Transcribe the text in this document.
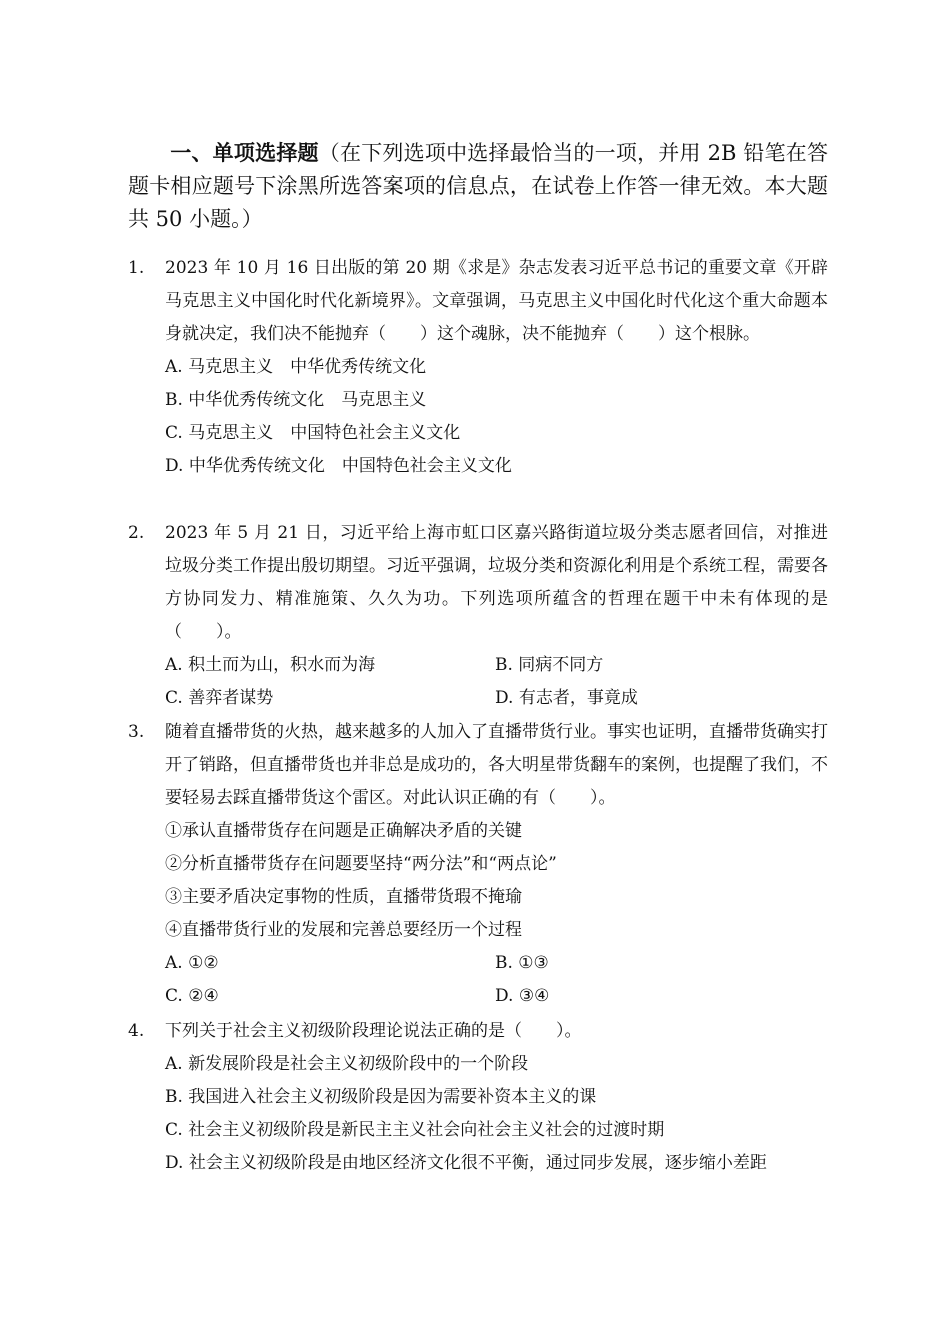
一、单项选择题（在下列选项中选择最恰当的一项，并用 2B 铅笔在答题卡相应题号下涂黑所选答案项的信息点，在试卷上作答一律无效。本大题共 50 小题。）
1.	2023 年 10 月 16 日出版的第 20 期《求是》杂志发表习近平总书记的重要文章《开辟马克思主义中国化时代化新境界》。文章强调，马克思主义中国化时代化这个重大命题本身就决定，我们决不能抛弃（　　）这个魂脉，决不能抛弃（　　）这个根脉。
A. 马克思主义　中华优秀传统文化
B. 中华优秀传统文化　马克思主义
C. 马克思主义　中国特色社会主义文化
D. 中华优秀传统文化　中国特色社会主义文化
2.	2023 年 5 月 21 日，习近平给上海市虹口区嘉兴路街道垃圾分类志愿者回信，对推进垃圾分类工作提出殷切期望。习近平强调，垃圾分类和资源化利用是个系统工程，需要各方协同发力、精准施策、久久为功。下列选项所蕴含的哲理在题干中未有体现的是（　　）。
A. 积土而为山，积水而为海	B. 同病不同方
C. 善弈者谋势	D. 有志者，事竟成
3.	随着直播带货的火热，越来越多的人加入了直播带货行业。事实也证明，直播带货确实打开了销路，但直播带货也并非总是成功的，各大明星带货翻车的案例，也提醒了我们，不要轻易去踩直播带货这个雷区。对此认识正确的有（　　）。
①承认直播带货存在问题是正确解决矛盾的关键
②分析直播带货存在问题要坚持“两分法”和“两点论”
③主要矛盾决定事物的性质，直播带货瑕不掩瑜
④直播带货行业的发展和完善总要经历一个过程
A. ①②	B. ①③
C. ②④	D. ③④
4.	下列关于社会主义初级阶段理论说法正确的是（　　）。
A. 新发展阶段是社会主义初级阶段中的一个阶段
B. 我国进入社会主义初级阶段是因为需要补资本主义的课
C. 社会主义初级阶段是新民主主义社会向社会主义社会的过渡时期
D. 社会主义初级阶段是由地区经济文化很不平衡，通过同步发展，逐步缩小差距
